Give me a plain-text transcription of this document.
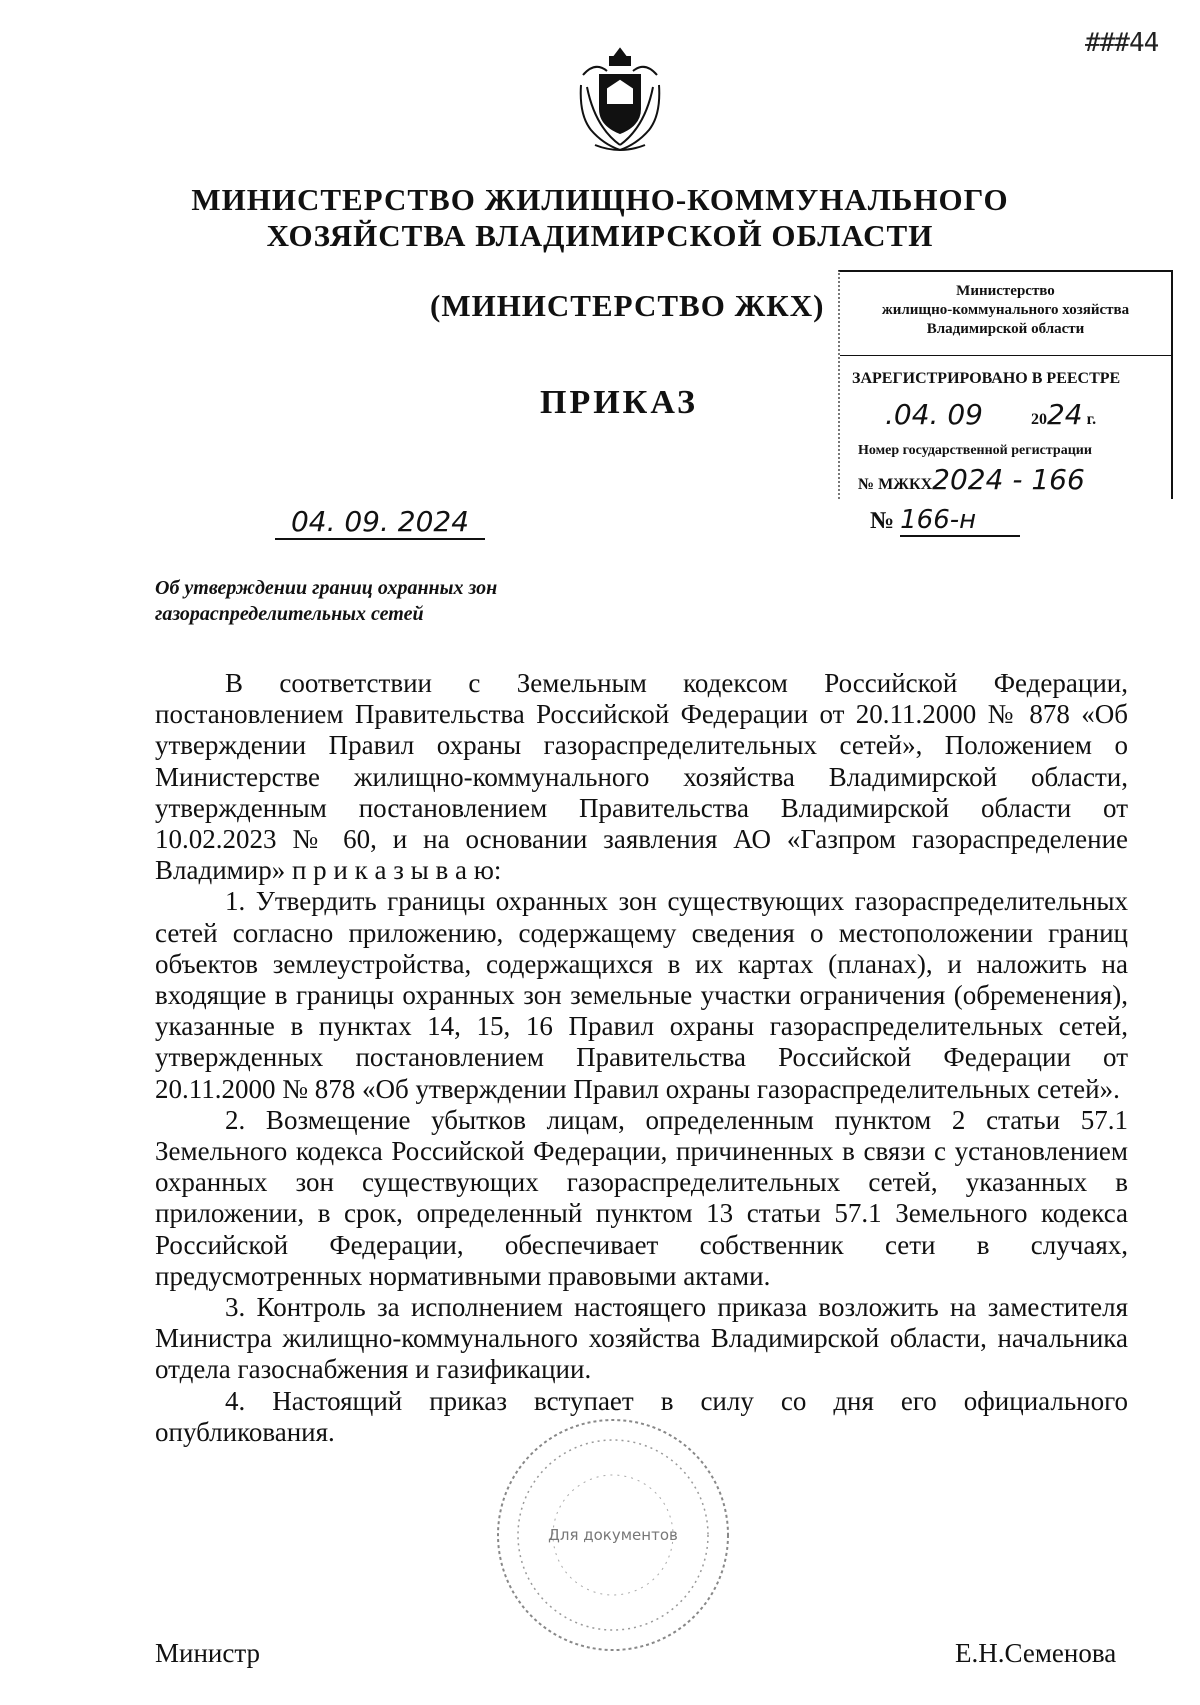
###44
МИНИСТЕРСТВО ЖИЛИЩНО-КОММУНАЛЬНОГО
ХОЗЯЙСТВА ВЛАДИМИРСКОЙ ОБЛАСТИ
(МИНИСТЕРСТВО ЖКХ)
ПРИКАЗ
Министерство
жилищно-коммунального хозяйства
Владимирской области
ЗАРЕГИСТРИРОВАНО В РЕЕСТРЕ
.04. 09	2024 г.
Номер государственной регистрации
№ МЖКХ2024 - 166
04. 09. 2024	№ 166-н
Об утверждении границ охранных зон
газораспределительных сетей

В соответствии с Земельным кодексом Российской Федерации, постановлением Правительства Российской Федерации от 20.11.2000 № 878 «Об утверждении Правил охраны газораспределительных сетей», Положением о Министерстве жилищно-коммунального хозяйства Владимирской области, утвержденным постановлением Правительства Владимирской области от 10.02.2023 № 60, и на основании заявления АО «Газпром газораспределение Владимир» п р и к а з ы в а ю:

1. Утвердить границы охранных зон существующих газораспределительных сетей согласно приложению, содержащему сведения о местоположении границ объектов землеустройства, содержащихся в их картах (планах), и наложить на входящие в границы охранных зон земельные участки ограничения (обременения), указанные в пунктах 14, 15, 16 Правил охраны газораспределительных сетей, утвержденных постановлением Правительства Российской Федерации от 20.11.2000 № 878 «Об утверждении Правил охраны газораспределительных сетей».

2. Возмещение убытков лицам, определенным пунктом 2 статьи 57.1 Земельного кодекса Российской Федерации, причиненных в связи с установлением охранных зон существующих газораспределительных сетей, указанных в приложении, в срок, определенный пунктом 13 статьи 57.1 Земельного кодекса Российской Федерации, обеспечивает собственник сети в случаях, предусмотренных нормативными правовыми актами.

3. Контроль за исполнением настоящего приказа возложить на заместителя Министра жилищно-коммунального хозяйства Владимирской области, начальника отдела газоснабжения и газификации.

4. Настоящий приказ вступает в силу со дня его официального опубликования.

Для документов
Министр	Е.Н.Семенова
